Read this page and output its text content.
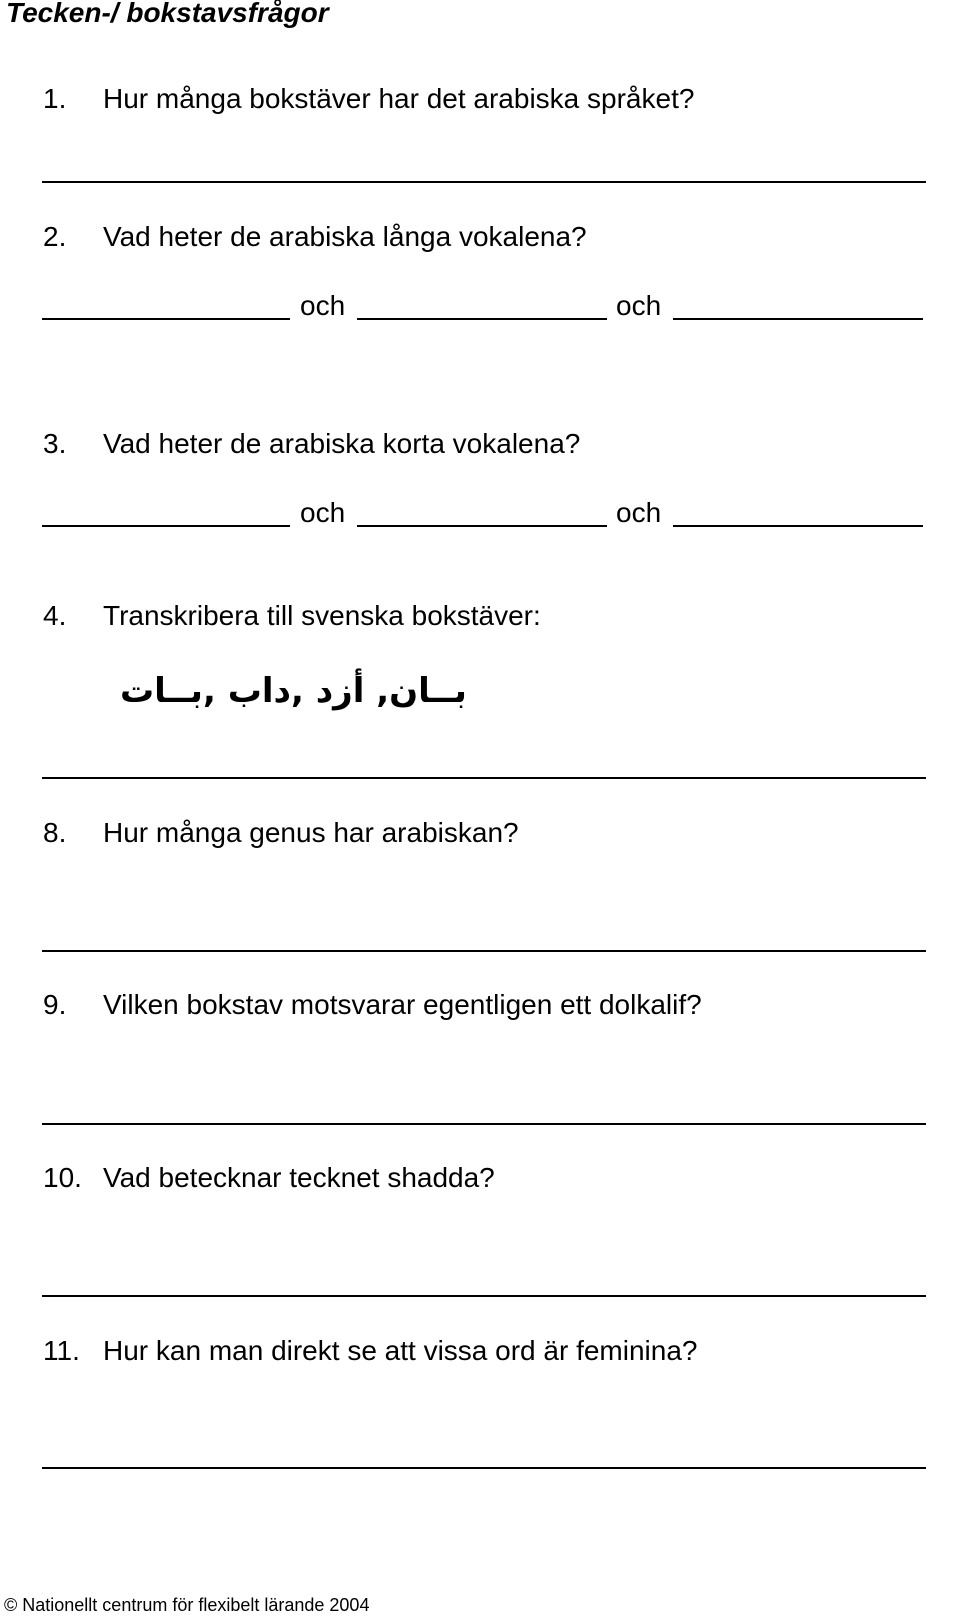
Tecken-/ bokstavsfrågor
1. Hur många bokstäver har det arabiska språket?
2. Vad heter de arabiska långa vokalena?
och	och
3. Vad heter de arabiska korta vokalena?
och	och
4. Transkribera till svenska bokstäver:
بــان, أزد ,داب ,بــات
8. Hur många genus har arabiskan?
9. Vilken bokstav motsvarar egentligen ett dolkalif?
10. Vad betecknar tecknet shadda?
11. Hur kan man direkt se att vissa ord är feminina?
© Nationellt centrum för flexibelt lärande 2004
